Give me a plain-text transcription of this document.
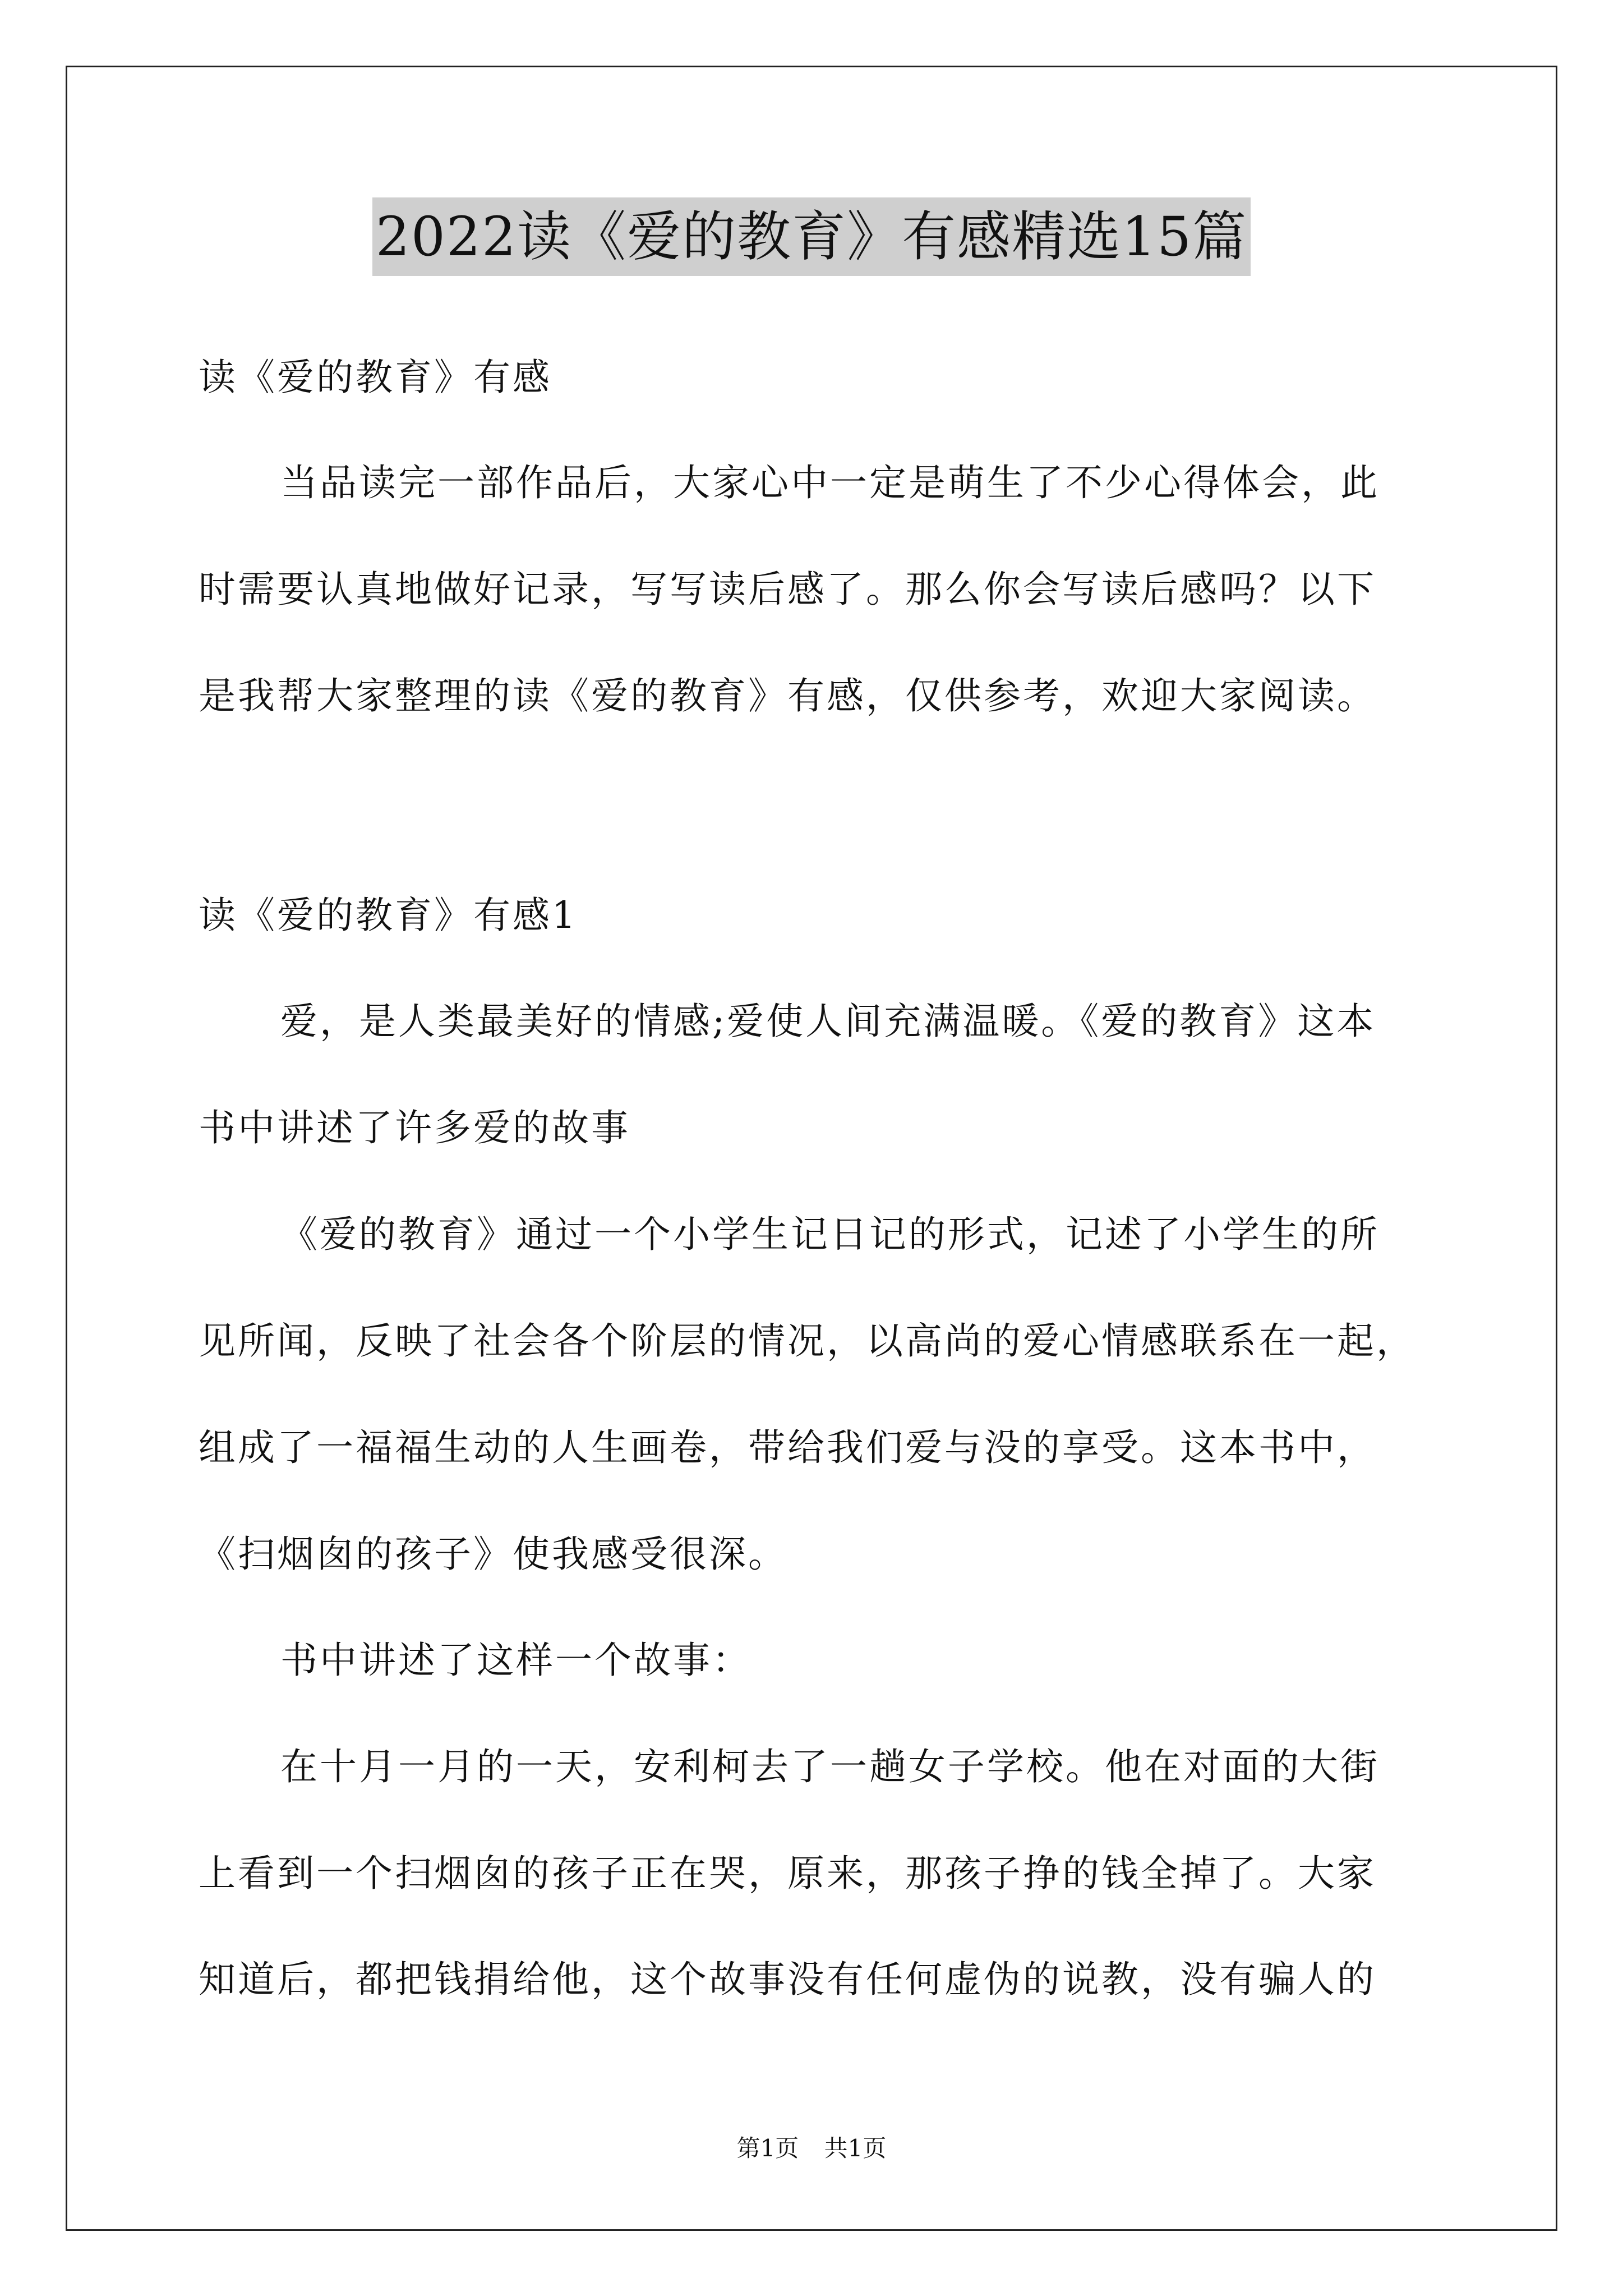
2022读《爱的教育》有感精选15篇
读《爱的教育》有感
当品读完一部作品后，大家心中一定是萌生了不少心得体会，此
时需要认真地做好记录，写写读后感了。那么你会写读后感吗？以下
是我帮大家整理的读《爱的教育》有感，仅供参考，欢迎大家阅读。
读《爱的教育》有感1
爱，是人类最美好的情感;爱使人间充满温暖。《爱的教育》这本
书中讲述了许多爱的故事
《爱的教育》通过一个小学生记日记的形式，记述了小学生的所
见所闻，反映了社会各个阶层的情况，以高尚的爱心情感联系在一起，
组成了一福福生动的人生画卷，带给我们爱与没的享受。这本书中，
《扫烟囱的孩子》使我感受很深。
书中讲述了这样一个故事：
在十月一月的一天，安利柯去了一趟女子学校。他在对面的大街
上看到一个扫烟囱的孩子正在哭，原来，那孩子挣的钱全掉了。大家
知道后，都把钱捐给他，这个故事没有任何虚伪的说教，没有骗人的
第1页 共1页
